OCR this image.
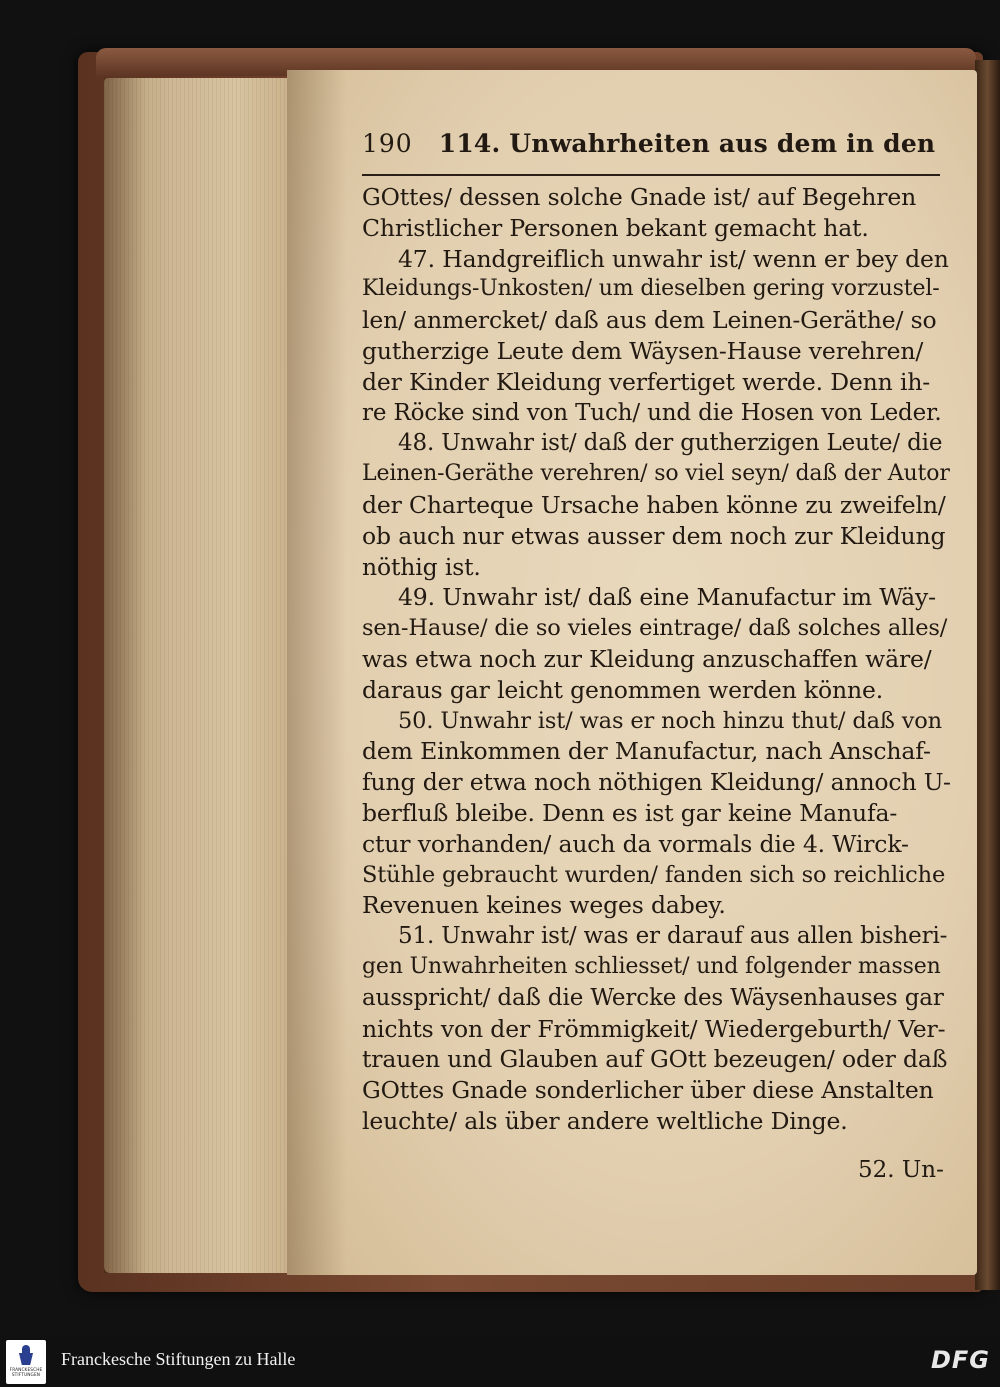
190 114. Unwahrheiten aus dem in den
GOttes/ dessen solche Gnade ist/ auf Begehren
Christlicher Personen bekant gemacht hat.
47. Handgreiflich unwahr ist/ wenn er bey den
Kleidungs-Unkosten/ um dieselben gering vorzustel-
len/ anmercket/ daß aus dem Leinen-Geräthe/ so
gutherzige Leute dem Wäysen-Hause verehren/
der Kinder Kleidung verfertiget werde. Denn ih-
re Röcke sind von Tuch/ und die Hosen von Leder.
48. Unwahr ist/ daß der gutherzigen Leute/ die
Leinen-Geräthe verehren/ so viel seyn/ daß der Autor
der Charteque Ursache haben könne zu zweifeln/
ob auch nur etwas ausser dem noch zur Kleidung
nöthig ist.
49. Unwahr ist/ daß eine Manufactur im Wäy-
sen-Hause/ die so vieles eintrage/ daß solches alles/
was etwa noch zur Kleidung anzuschaffen wäre/
daraus gar leicht genommen werden könne.
50. Unwahr ist/ was er noch hinzu thut/ daß von
dem Einkommen der Manufactur, nach Anschaf-
fung der etwa noch nöthigen Kleidung/ annoch U-
berfluß bleibe. Denn es ist gar keine Manufa-
ctur vorhanden/ auch da vormals die 4. Wirck-
Stühle gebraucht wurden/ fanden sich so reichliche
Revenuen keines weges dabey.
51. Unwahr ist/ was er darauf aus allen bisheri-
gen Unwahrheiten schliesset/ und folgender massen
ausspricht/ daß die Wercke des Wäysenhauses gar
nichts von der Frömmigkeit/ Wiedergeburth/ Ver-
trauen und Glauben auf GOtt bezeugen/ oder daß
GOttes Gnade sonderlicher über diese Anstalten
leuchte/ als über andere weltliche Dinge.
52. Un-
FRANCKESCHE STIFTUNGEN
Franckesche Stiftungen zu Halle	DFG
